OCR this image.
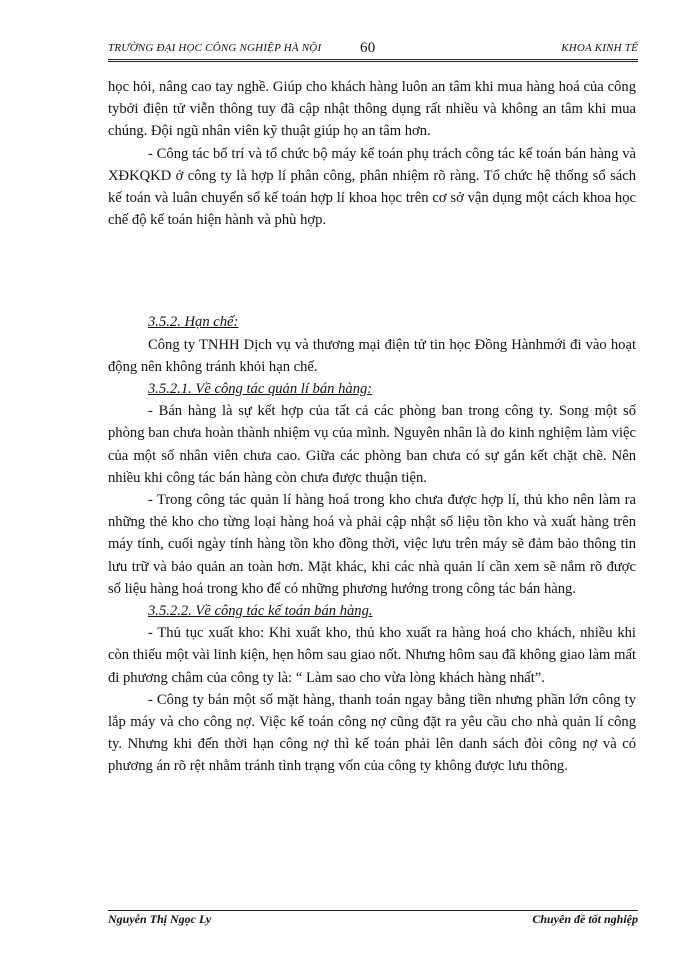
TRƯỜNG ĐẠI HỌC CÔNG NGHIỆP HÀ NỘI	60	KHOA KINH TẾ

học hỏi, nâng cao tay nghề. Giúp cho khách hàng luôn an tâm khi mua hàng hoá của công tybởi điện tử viễn thông tuy đã cập nhật thông dụng rất nhiều và không an tâm khi mua chúng. Đội ngũ nhân viên kỹ thuật giúp họ an tâm hơn.

- Công tác bố trí và tổ chức bộ máy kế toán phụ trách công tác kế toán bán hàng và XĐKQKD ở công ty là hợp lí phân công, phân nhiệm rõ ràng. Tổ chức hệ thống sổ sách kế toán và luân chuyển sổ kế toán hợp lí khoa học trên cơ sở vận dụng một cách khoa học chế độ kế toán hiện hành và phù hợp.

3.5.2. Hạn chế:

Công ty TNHH Dịch vụ và thương mại điện tử tin học Đồng Hànhmới đi vào hoạt động nên không tránh khỏi hạn chế.

3.5.2.1. Về công tác quản lí bán hàng:

- Bán hàng là sự kết hợp của tất cả các phòng ban trong công ty. Song một số phòng ban chưa hoàn thành nhiệm vụ của mình. Nguyên nhân là do kinh nghiệm làm việc của một số nhân viên chưa cao. Giữa các phòng ban chưa có sự gắn kết chặt chẽ. Nên nhiều khi công tác bán hàng còn chưa được thuận tiện.

- Trong công tác quản lí hàng hoá trong kho chưa được hợp lí, thủ kho nên làm ra những thẻ kho cho từng loại hàng hoá và phải cập nhật số liệu tồn kho và xuất hàng trên máy tính, cuối ngày tính hàng tồn kho đồng thời, việc lưu trên máy sẽ đảm bảo thông tin lưu trữ và bảo quản an toàn hơn. Mặt khác, khi các nhà quản lí cần xem sẽ nắm rõ được số liệu hàng hoá trong kho để có những phương hướng trong công tác bán hàng.

3.5.2.2. Về công tác kế toán bán hàng.

- Thủ tục xuất kho: Khi xuất kho, thủ kho xuất ra hàng hoá cho khách, nhiều khi còn thiếu một vài linh kiện, hẹn hôm sau giao nốt. Nhưng hôm sau đã không giao làm mất đi phương châm của công ty là: “ Làm sao cho vừa lòng khách hàng nhất”.

- Công ty bán một số mặt hàng, thanh toán ngay bằng tiền nhưng phần lớn công ty lắp máy và cho công nợ. Việc kế toán công nợ cũng đặt ra yêu cầu cho nhà quản lí công ty. Nhưng khi đến thời hạn công nợ thì kế toán phải lên danh sách đòi công nợ và có phương án rõ rệt nhằm tránh tình trạng vốn của công ty không được lưu thông.

Nguyễn Thị Ngọc Ly	Chuyên đề tốt nghiệp
